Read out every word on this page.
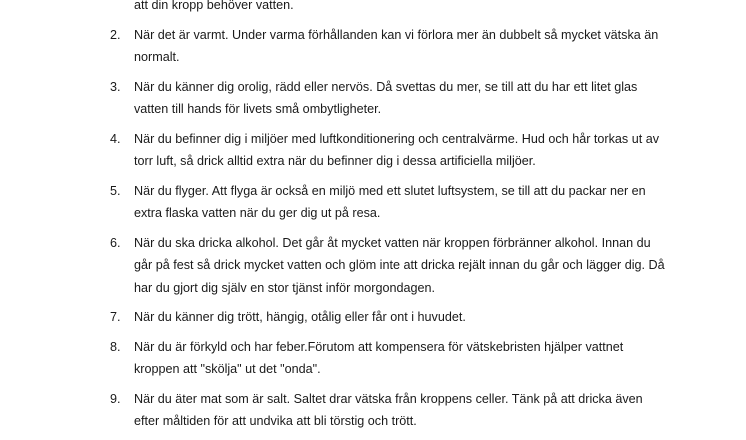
att din kropp behöver vatten.
2.	När det är varmt. Under varma förhållanden kan vi förlora mer än dubbelt så mycket vätska än normalt.
3.	När du känner dig orolig, rädd eller nervös. Då svettas du mer, se till att du har ett litet glas vatten till hands för livets små ombytligheter.
4.	När du befinner dig i miljöer med luftkonditionering och centralvärme. Hud och hår torkas ut av torr luft, så drick alltid extra när du befinner dig i dessa artificiella miljöer.
5.	När du flyger. Att flyga är också en miljö med ett slutet luftsystem, se till att du packar ner en extra flaska vatten när du ger dig ut på resa.
6.	När du ska dricka alkohol. Det går åt mycket vatten när kroppen förbränner alkohol. Innan du går på fest så drick mycket vatten och glöm inte att dricka rejält innan du går och lägger dig. Då har du gjort dig själv en stor tjänst inför morgondagen.
7.	När du känner dig trött, hängig, otålig eller får ont i huvudet.
8.	När du är förkyld och har feber.Förutom att kompensera för vätskebristen hjälper vattnet kroppen att "skölja" ut det "onda".
9.	När du äter mat som är salt. Saltet drar vätska från kroppens celler. Tänk på att dricka även efter måltiden för att undvika att bli törstig och trött.
